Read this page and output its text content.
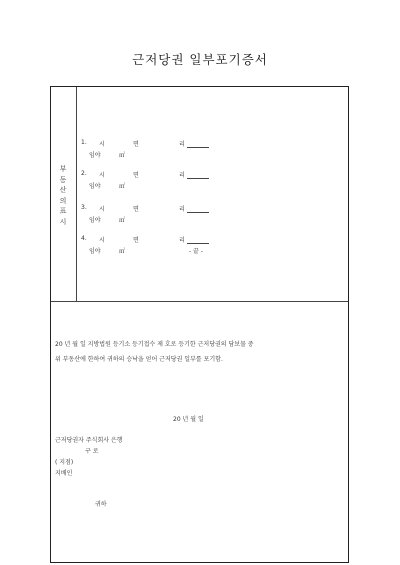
근저당권 일부포기증서
부
동
산
의
표
시
1. 시	면	리
임야	㎡
2. 시	면	리
임야	㎡
3. 시	면	리
임야	㎡
4. 시	면	리
임야	㎡	- 끝 -
20 년 월 일 지방법원 등기소 등기접수 제 호로 등기한 근저당권의 담보물 중
위 부동산에 한하여 귀하의 승낙을 얻어 근저당권 일부를 포기함.
20 년 월 일
근저당권자 주식회사 은행
구 로
( 지점)
지배인
귀하
